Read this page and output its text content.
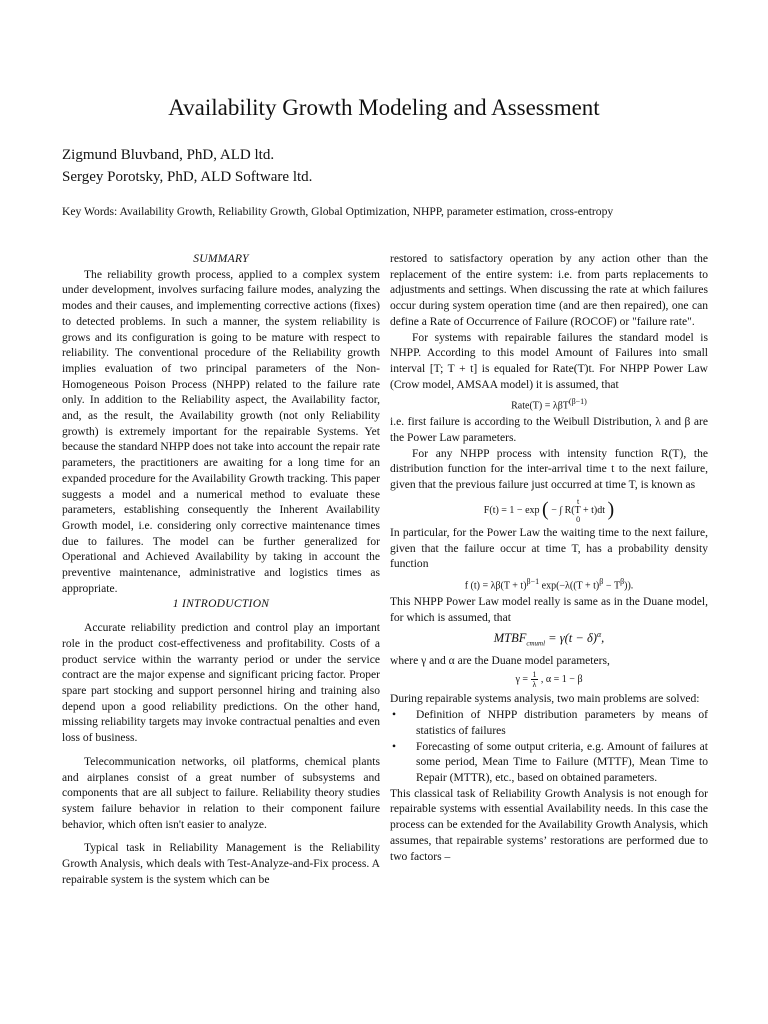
Availability Growth Modeling and Assessment
Zigmund Bluvband, PhD, ALD ltd.
Sergey Porotsky, PhD, ALD Software ltd.
Key Words: Availability Growth, Reliability Growth, Global Optimization, NHPP, parameter estimation, cross-entropy

SUMMARY

The reliability growth process, applied to a complex system under development, involves surfacing failure modes, analyzing the modes and their causes, and implementing corrective actions (fixes) to detected problems. In such a manner, the system reliability is grows and its configuration is going to be mature with respect to reliability. The conventional procedure of the Reliability growth implies evaluation of two principal parameters of the Non-Homogeneous Poison Process (NHPP) related to the failure rate only. In addition to the Reliability aspect, the Availability factor, and, as the result, the Availability growth (not only Reliability growth) is extremely important for the repairable Systems. Yet because the standard NHPP does not take into account the repair rate parameters, the practitioners are awaiting for a long time for an expanded procedure for the Availability Growth tracking. This paper suggests a model and a numerical method to evaluate these parameters, establishing consequently the Inherent Availability Growth model, i.e. considering only corrective maintenance times due to failures. The model can be further generalized for Operational and Achieved Availability by taking in account the preventive maintenance, administrative and logistics times as appropriate.

1 INTRODUCTION

Accurate reliability prediction and control play an important role in the product cost-effectiveness and profitability. Costs of a product service within the warranty period or under the service contract are the major expense and significant pricing factor. Proper spare part stocking and support personnel hiring and training also depend upon a good reliability predictions. On the other hand, missing reliability targets may invoke contractual penalties and even loss of business.

Telecommunication networks, oil platforms, chemical plants and airplanes consist of a great number of subsystems and components that are all subject to failure. Reliability theory studies system failure behavior in relation to their component failure behavior, which often isn't easier to analyze.

Typical task in Reliability Management is the Reliability Growth Analysis, which deals with Test-Analyze-and-Fix process. A repairable system is the system which can be

restored to satisfactory operation by any action other than the replacement of the entire system: i.e. from parts replacements to adjustments and settings. When discussing the rate at which failures occur during system operation time (and are then repaired), one can define a Rate of Occurrence of Failure (ROCOF) or "failure rate".

For systems with repairable failures the standard model is NHPP. According to this model Amount of Failures into small interval [T; T + t] is equaled for Rate(T)t. For NHPP Power Law (Crow model, AMSAA model) it is assumed, that

Rate(T) = λβT$^{(\beta-1)}$

i.e. first failure is according to the Weibull Distribution, λ and β are the Power Law parameters.

For any NHPP process with intensity function R(T), the distribution function for the inter-arrival time t to the next failure, given that the previous failure just occurred at time T, is known as

F(t) = 1 − exp (	t
− ∫ R(T + t)dt
0 )

In particular, for the Power Law the waiting time to the next failure, given that the failure occur at time T, has a probability density function

f $(t) = \lambda\beta(T + t)^{\beta-1}$ $\exp(-\lambda((T + t)^\beta - T^\beta))$.

This NHPP Power Law model really is same as in the Duane model, for which is assumed, that

$MTBF_{cmuml} = \gamma(t - \delta)^\alpha$,

where γ and α are the Duane model parameters,

$\gamma = \frac{1}{\lambda}$ , α = 1 − β

During repairable systems analysis, two main problems are solved:

• Definition of NHPP distribution parameters by means of statistics of failures
• Forecasting of some output criteria, e.g. Amount of failures at some period, Mean Time to Failure (MTTF), Mean Time to Repair (MTTR), etc., based on obtained parameters.

This classical task of Reliability Growth Analysis is not enough for repairable systems with essential Availability needs. In this case the process can be extended for the Availability Growth Analysis, which assumes, that repairable systems’ restorations are performed due to two factors –
